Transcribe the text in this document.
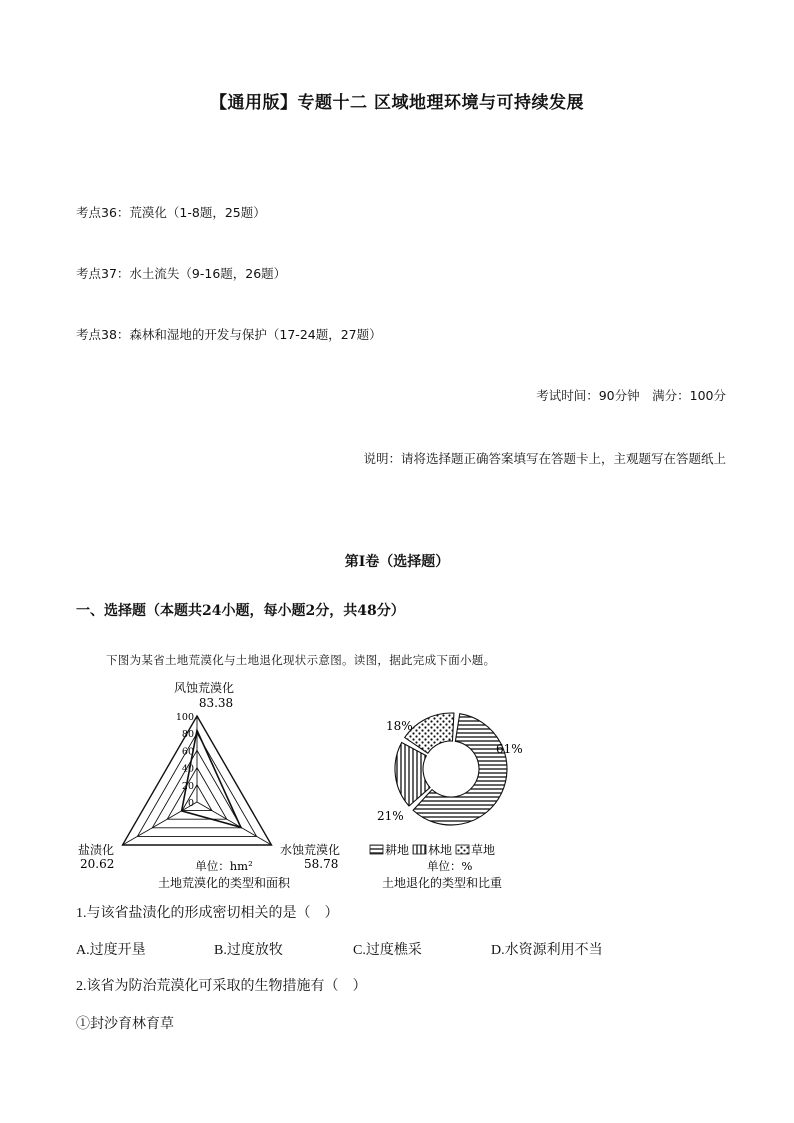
【通用版】专题十二 区域地理环境与可持续发展
考点36：荒漠化（1-8题，25题）
考点37：水土流失（9-16题，26题）
考点38：森林和湿地的开发与保护（17-24题，27题）
考试时间：90分钟　满分：100分
说明：请将选择题正确答案填写在答题卡上，主观题写在答题纸上
第Ⅰ卷（选择题）
一、选择题（本题共24小题，每小题2分，共48分）
下图为某省土地荒漠化与土地退化现状示意图。读图，据此完成下面小题。
0
20
40
60
80
100
风蚀荒漠化
83.38
盐渍化
20.62
水蚀荒漠化
58.78
单位：hm²
土地荒漠化的类型和面积
61%
21%
18%
耕地 林地 草地
单位：%
土地退化的类型和比重
1.与该省盐渍化的形成密切相关的是（　）
A.过度开垦	B.过度放牧	C.过度樵采	D.水资源利用不当
2.该省为防治荒漠化可采取的生物措施有（　）
①封沙育林育草
